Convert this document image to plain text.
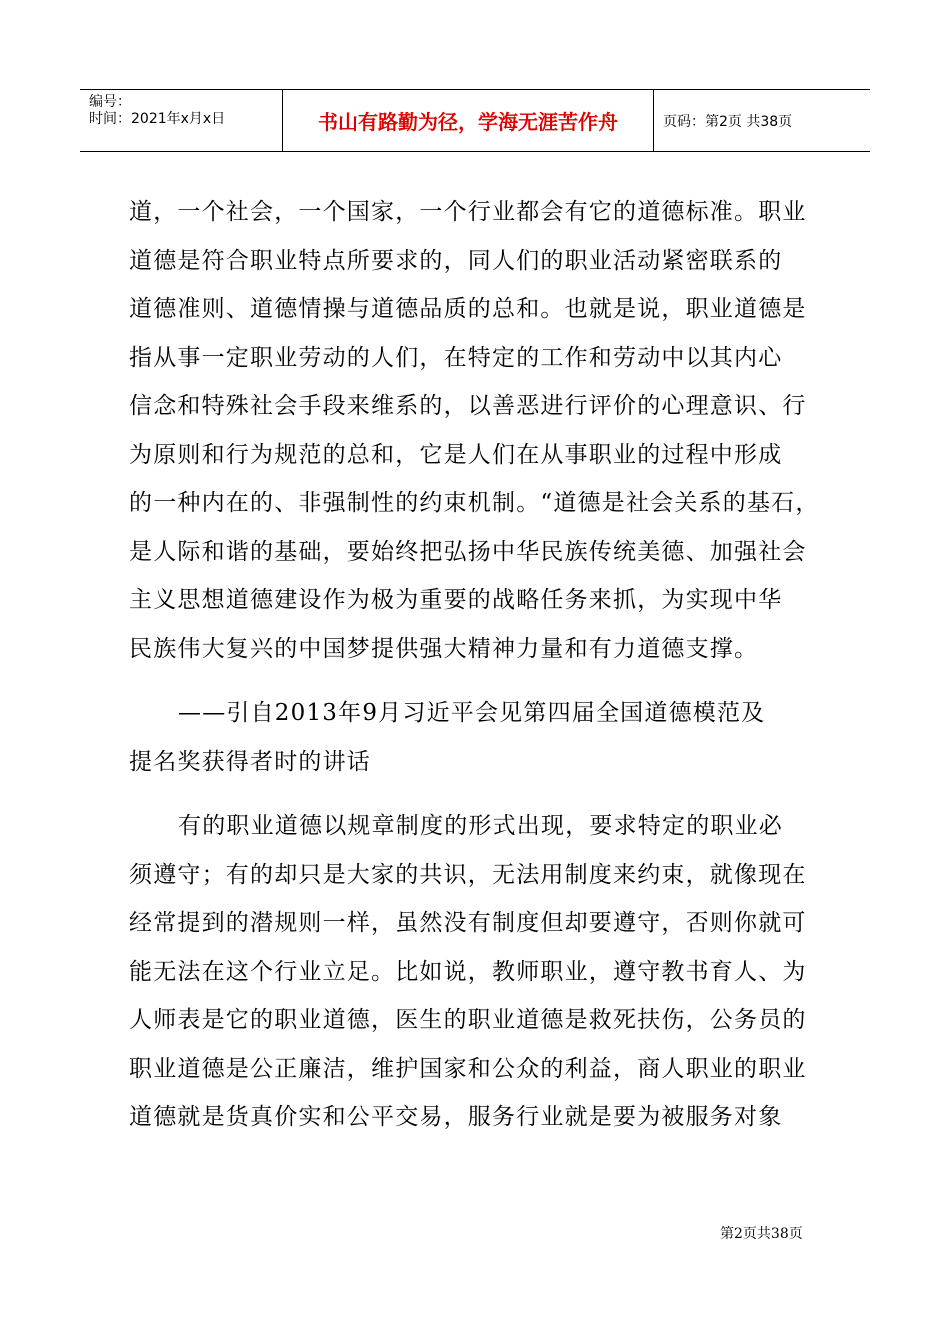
编号：
时间：2021年x月x日	书山有路勤为径，学海无涯苦作舟	页码：第2页 共38页
道，一个社会，一个国家，一个行业都会有它的道德标准。职业
道德是符合职业特点所要求的，同人们的职业活动紧密联系的
道德准则、道德情操与道德品质的总和。也就是说，职业道德是
指从事一定职业劳动的人们，在特定的工作和劳动中以其内心
信念和特殊社会手段来维系的，以善恶进行评价的心理意识、行
为原则和行为规范的总和，它是人们在从事职业的过程中形成
的一种内在的、非强制性的约束机制。“道德是社会关系的基石，
是人际和谐的基础，要始终把弘扬中华民族传统美德、加强社会
主义思想道德建设作为极为重要的战略任务来抓，为实现中华
民族伟大复兴的中国梦提供强大精神力量和有力道德支撑。
——引自2013年9月习近平会见第四届全国道德模范及
提名奖获得者时的讲话
有的职业道德以规章制度的形式出现，要求特定的职业必
须遵守；有的却只是大家的共识，无法用制度来约束，就像现在
经常提到的潜规则一样，虽然没有制度但却要遵守，否则你就可
能无法在这个行业立足。比如说，教师职业，遵守教书育人、为
人师表是它的职业道德，医生的职业道德是救死扶伤，公务员的
职业道德是公正廉洁，维护国家和公众的利益，商人职业的职业
道德就是货真价实和公平交易，服务行业就是要为被服务对象
第2页共38页
